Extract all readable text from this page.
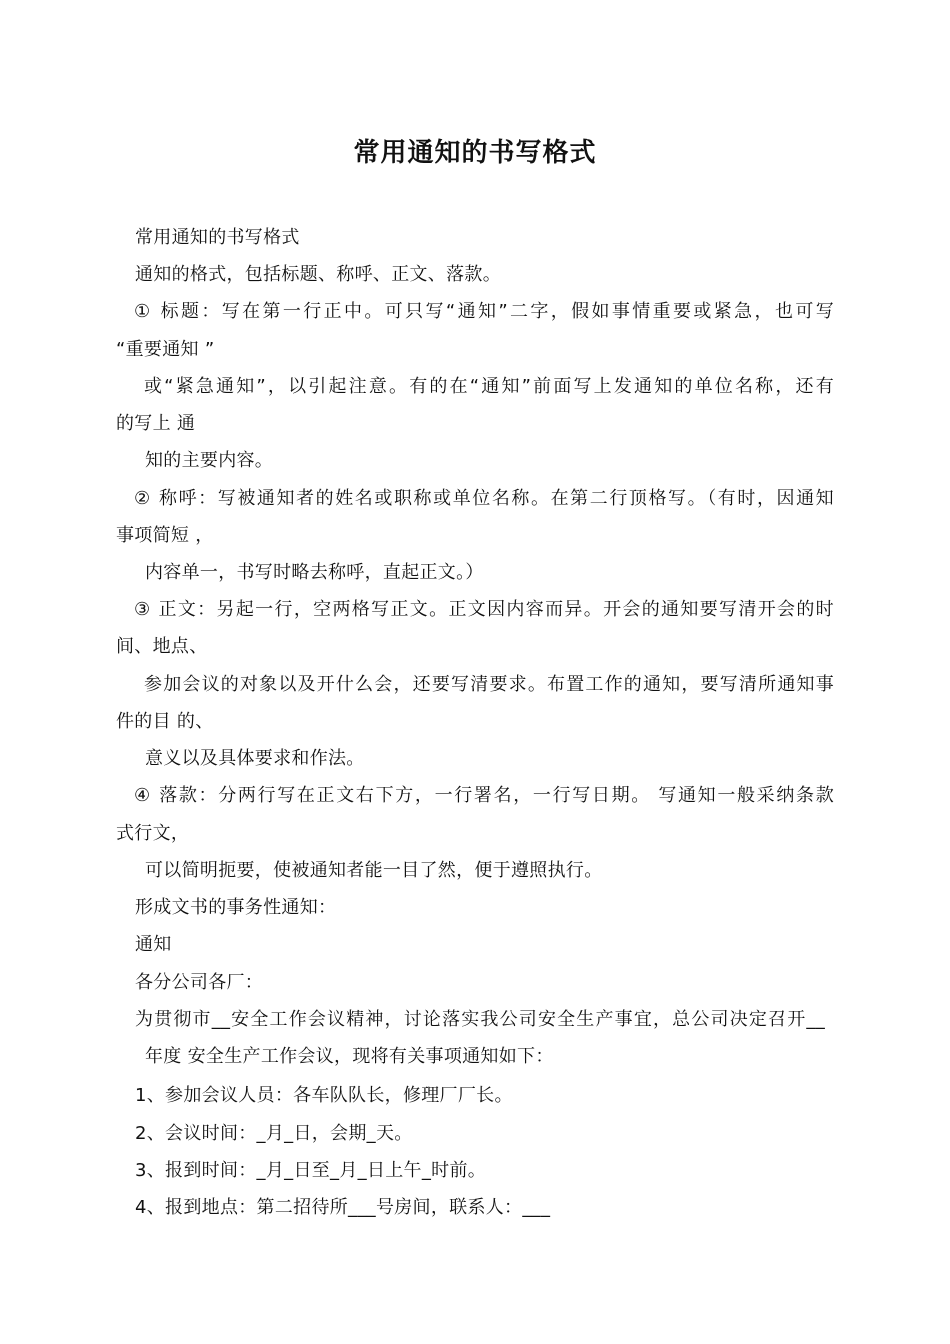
常用通知的书写格式
常用通知的书写格式
通知的格式，包括标题、称呼、正文、落款。
① 标题：写在第一行正中。可只写“通知”二字，假如事情重要或紧急，也可写
“重要通知 ”
或“紧急通知”，以引起注意。有的在“通知”前面写上发通知的单位名称，还有
的写上 通
知的主要内容。
② 称呼：写被通知者的姓名或职称或单位名称。在第二行顶格写。（有时，因通知
事项简短 ，
内容单一，书写时略去称呼，直起正文。）
③ 正文：另起一行，空两格写正文。正文因内容而异。开会的通知要写清开会的时
间、地点、
参加会议的对象以及开什么会，还要写清要求。布置工作的通知，要写清所通知事
件的目 的、
意义以及具体要求和作法。
④ 落款：分两行写在正文右下方，一行署名，一行写日期。 写通知一般采纳条款
式行文，
可以简明扼要，使被通知者能一目了然，便于遵照执行。
形成文书的事务性通知：
通知
各分公司各厂：
为贯彻市__安全工作会议精神，讨论落实我公司安全生产事宜，总公司决定召开__
年度 安全生产工作会议，现将有关事项通知如下：
1、参加会议人员：各车队队长，修理厂厂长。
2、会议时间：_月_日，会期_天。
3、报到时间：_月_日至_月_日上午_时前。
4、报到地点：第二招待所___号房间，联系人：___
